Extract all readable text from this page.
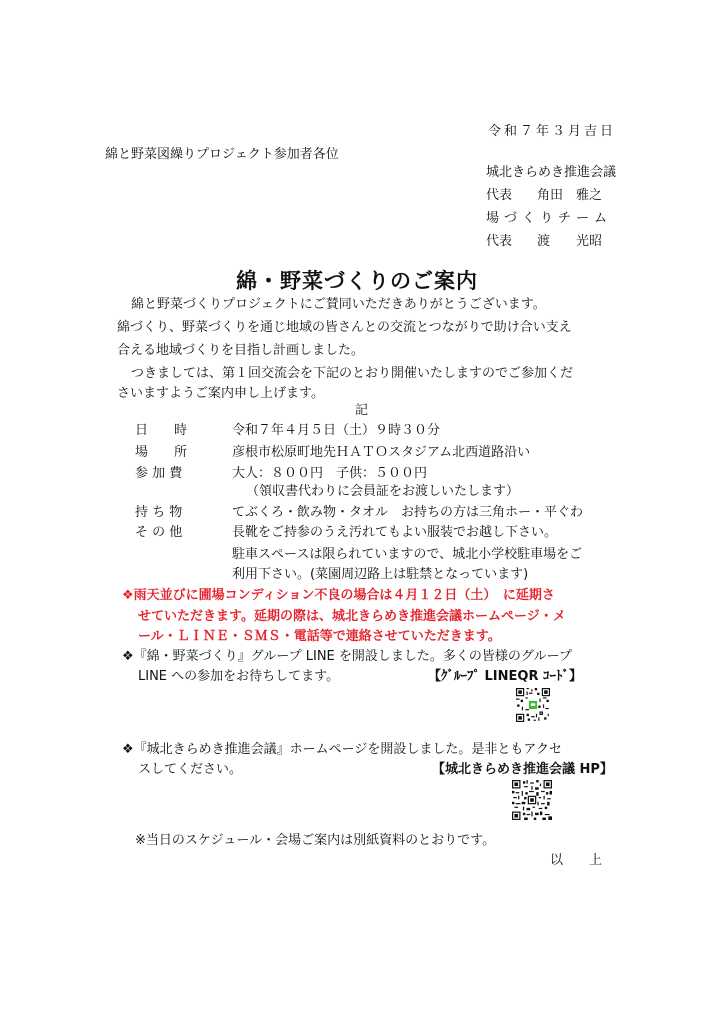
令和７年３月吉日
綿と野菜図繰りプロジェクト参加者各位
城北きらめき推進会議
代表 角田　雅之
場づくりチーム
代表 渡　　光昭
綿・野菜づくりのご案内
綿と野菜づくりプロジェクトにご賛同いただきありがとうございます。
綿づくり、野菜づくりを通じ地域の皆さんとの交流とつながりで助け合い支え
合える地域づくりを目指し計画しました。
つきましては、第１回交流会を下記のとおり開催いたしますのでご参加くだ
さいますようご案内申し上げます。
記
日　　時	令和７年４月５日（土）９時３０分
場　　所	彦根市松原町地先ＨＡＴＯスタジアム北西道路沿い
参 加 費	大人：８００円　子供：５００円
（領収書代わりに会員証をお渡しいたします）
持 ち 物	てぶくろ・飲み物・タオル　お持ちの方は三角ホー・平ぐわ
そ の 他	長靴をご持参のうえ汚れてもよい服装でお越し下さい。
駐車スペースは限られていますので、城北小学校駐車場をご
利用下さい。(菜園周辺路上は駐禁となっています)
❖雨天並びに圃場コンディション不良の場合は４月１２日（土）　に延期さ
せていただきます。延期の際は、城北きらめき推進会議ホームページ・メ
ール・ＬＩＮＥ・ＳＭＳ・電話等で連絡させていただきます。
❖『綿・野菜づくり』グループ LINE を開設しました。多くの皆様のグループ
LINE への参加をお待ちしてます。	【ｸﾞﾙｰﾌﾟ LINEQR ｺｰﾄﾞ】
❖『城北きらめき推進会議』ホームページを開設しました。是非ともアクセ
スしてください。	【城北きらめき推進会議 HP】
※当日のスケジュール・会場ご案内は別紙資料のとおりです。
以　　上
